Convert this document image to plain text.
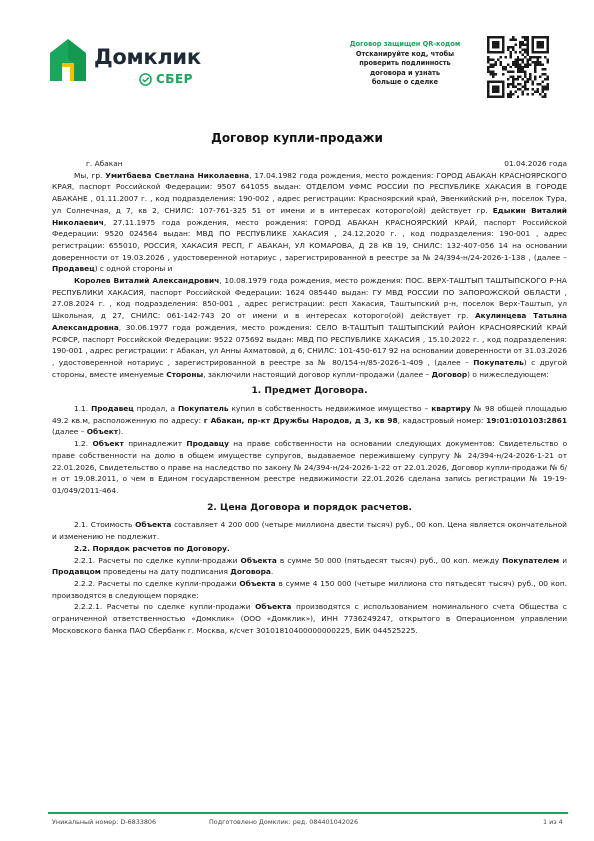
Домклик
СБЕР
Договор защищен QR-кодом
Отсканируйте код, чтобы
проверить подлинность
договора и узнать
больше о сделке
Договор купли-продажи
г. Абакан	01.04.2026 года

Мы, гр. Умитбаева Светлана Николаевна, 17.04.1982 года рождения, место рождения: ГОРОД АБАКАН КРАСНОЯРСКОГО КРАЯ, паспорт Российской Федерации: 9507 641055 выдан: ОТДЕЛОМ УФМС РОССИИ ПО РЕСПУБЛИКЕ ХАКАСИЯ В ГОРОДЕ АБАКАНЕ , 01.11.2007 г. , код подразделения: 190-002 , адрес регистрации: Красноярский край, Эвенкийский р-н, поселок Тура, ул Солнечная, д 7, кв 2, СНИЛС: 107-761-325 51 от имени и в интересах которого(ой) действует гр. Едыкин Виталий Николаевич, 27.11.1975 года рождения, место рождения: ГОРОД АБАКАН КРАСНОЯРСКИЙ КРАЙ, паспорт Российской Федерации: 9520 024564 выдан: МВД ПО РЕСПУБЛИКЕ ХАКАСИЯ , 24.12.2020 г. , код подразделения: 190-001 , адрес регистрации: 655010, РОССИЯ, ХАКАСИЯ РЕСП, Г АБАКАН, УЛ КОМАРОВА, Д 28 КВ 19, СНИЛС: 132-407-056 14 на основании доверенности от 19.03.2026 , удостоверенной нотариус , зарегистрированной в реестре за № 24/394-н/24-2026-1-138 , (далее – Продавец) с одной стороны и

Королев Виталий Александрович, 10.08.1979 года рождения, место рождения: ПОС. ВЕРХ-ТАШТЫП ТАШТЫПСКОГО Р-НА РЕСПУБЛИКИ ХАКАСИЯ, паспорт Российской Федерации: 1624 085440 выдан: ГУ МВД РОССИИ ПО ЗАПОРОЖСКОЙ ОБЛАСТИ , 27.08.2024 г. , код подразделения: 850-001 , адрес регистрации: респ Хакасия, Таштыпский р-н, поселок Верх-Таштып, ул Школьная, д 27, СНИЛС: 061-142-743 20 от имени и в интересах которого(ой) действует гр. Акулинцева Татьяна Александровна, 30.06.1977 года рождения, место рождения: СЕЛО В-ТАШТЫП ТАШТЫПСКИЙ РАЙОН КРАСНОЯРСКИЙ КРАЙ РСФСР, паспорт Российской Федерации: 9522 075692 выдан: МВД ПО РЕСПУБЛИКЕ ХАКАСИЯ , 15.10.2022 г. , код подразделения: 190-001 , адрес регистрации: г Абакан, ул Анны Ахматовой, д 6, СНИЛС: 101-450-617 92 на основании доверенности от 31.03.2026 , удостоверенной нотариус , зарегистрированной в реестре за № 80/154-н/85-2026-1-409 , (далее – Покупатель) с другой стороны, вместе именуемые Стороны, заключили настоящий договор купли–продажи (далее – Договор) о нижеследующем:

1. Предмет Договора.

1.1. Продавец продал, а Покупатель купил в собственность недвижимое имущество – квартиру № 98 общей площадью 49.2 кв.м, расположенную по адресу: г Абакан, пр-кт Дружбы Народов, д 3, кв 98, кадастровый номер: 19:01:010103:2861 (далее – Объект).

1.2. Объект принадлежит Продавцу на праве собственности на основании следующих документов: Свидетельство о праве собственности на долю в общем имуществе супругов, выдаваемое пережившему супругу № 24/394-н/24-2026-1-21 от 22.01.2026, Свидетельство о праве на наследство по закону № 24/394-н/24-2026-1-22 от 22.01.2026, Договор купли-продажи № б/н от 19.08.2011, о чем в Едином государственном реестре недвижимости 22.01.2026 сделана запись регистрации № 19-19-01/049/2011-464.

2. Цена Договора и порядок расчетов.

2.1. Стоимость Объекта составляет 4 200 000 (четыре миллиона двести тысяч) руб., 00 коп. Цена является окончательной и изменению не подлежит.

2.2. Порядок расчетов по Договору.

2.2.1. Расчеты по сделке купли-продажи Объекта в сумме 50 000 (пятьдесят тысяч) руб., 00 коп. между Покупателем и Продавцом проведены на дату подписания Договора.

2.2.2. Расчеты по сделке купли-продажи Объекта в сумме 4 150 000 (четыре миллиона сто пятьдесят тысяч) руб., 00 коп. производятся в следующем порядке:

2.2.2.1. Расчеты по сделке купли-продажи Объекта производятся с использованием номинального счета Общества с ограниченной ответственностью «Домклик» (ООО «Домклик»), ИНН 7736249247, открытого в Операционном управлении Московского банка ПАО Сбербанк г. Москва, к/счет 30101810400000000225, БИК 044525225.

Уникальный номер: D-6833806	Подготовлено Домклик: ред. 084401042026	1 из 4
